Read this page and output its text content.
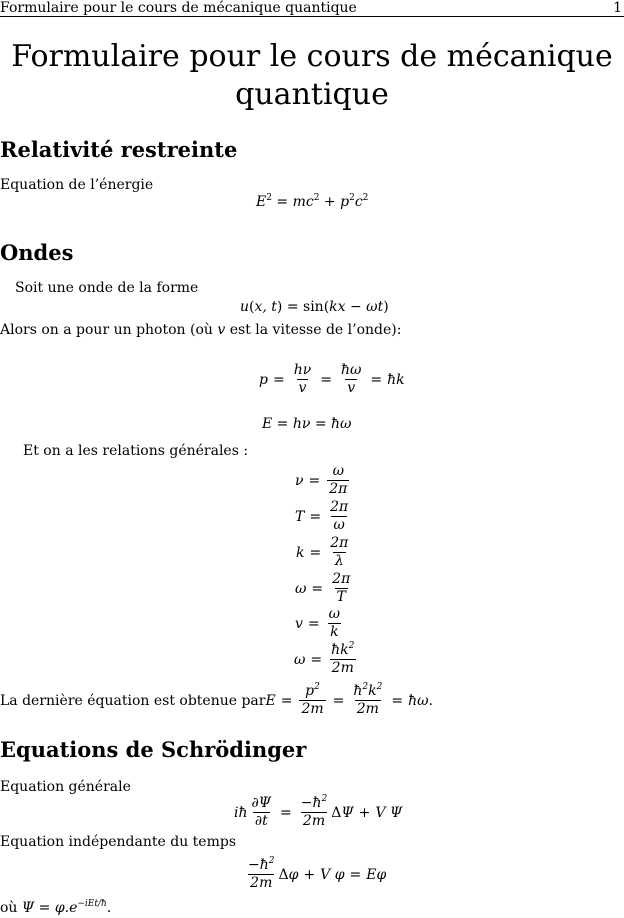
Formulaire pour le cours de mécanique quantique	1
Formulaire pour le cours de mécanique
quantique
Relativité restreinte
Equation de l’énergie
$E^2 = mc^2 + p^2c^2$
Ondes
Soit une onde de la forme
u(x, t) = sin(kx − ωt)
Alors on a pour un photon (où v est la vitesse de l’onde):
$p = \frac{h\nu}{v} = \frac{ħ\omega}{v}$ = ħk
E = hν = ħω
Et on a les relations générales :
$\nu = \frac{\omega}{2\pi}$
$T = \frac{2\pi}{\omega}$
$k = \frac{2\pi}{\lambda}$
$\omega = \frac{2\pi}{T}$
$v = \frac{\omega}{k}$
$\omega = \frac{ħk^2}{2m}$
La dernière équation est obtenue par $E = \frac{p^2}{2m} = \frac{ħ^2k^2}{2m}$ = ħω .
Equations de Schrödinger
Equation générale
iħ $\frac{\partial\Psi}{\partial t} = \frac{-ħ^2}{2m}$ Δ Ψ + V Ψ
Equation indépendante du temps
$\frac{-ħ^2}{2m}$ Δ φ + V φ = Eφ
où $\Psi = \varphi.e^{-iEt/ħ}$.
